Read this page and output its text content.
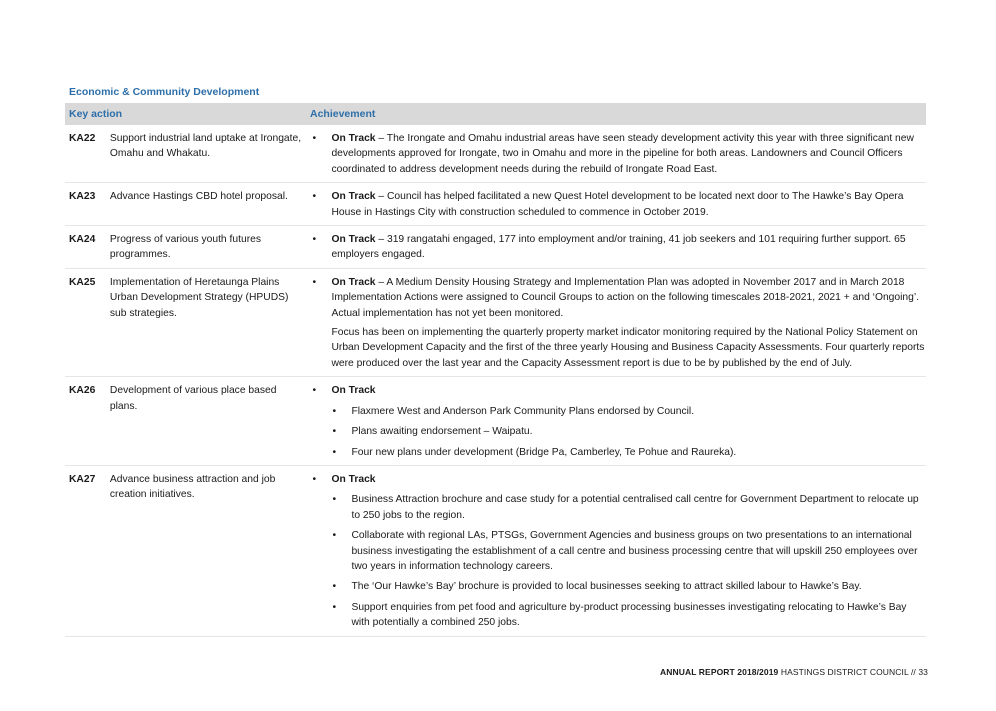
Economic & Community Development
Key action	Achievement
KA22	Support industrial land uptake at Irongate, Omahu and Whakatu.
• On Track – The Irongate and Omahu industrial areas have seen steady development activity this year with three significant new developments approved for Irongate, two in Omahu and more in the pipeline for both areas. Landowners and Council Officers coordinated to address development needs during the rebuild of Irongate Road East.
KA23	Advance Hastings CBD hotel proposal.
•	On Track – Council has helped facilitated a new Quest Hotel development to be located next door to The Hawke’s Bay Opera House in Hastings City with construction scheduled to commence in October 2019.
KA24	Progress of various youth futures programmes.
• On Track – 319 rangatahi engaged, 177 into employment and/or training, 41 job seekers and 101 requiring further support. 65 employers engaged.
KA25	Implementation of Heretaunga Plains Urban Development Strategy (HPUDS) sub strategies.
• On Track – A Medium Density Housing Strategy and Implementation Plan was adopted in November 2017 and in March 2018 Implementation Actions were assigned to Council Groups to action on the following timescales 2018-2021, 2021 + and ‘Ongoing’. Actual implementation has not yet been monitored.
Focus has been on implementing the quarterly property market indicator monitoring required by the National Policy Statement on Urban Development Capacity and the first of the three yearly Housing and Business Capacity Assessments. Four quarterly reports were produced over the last year and the Capacity Assessment report is due to be by published by the end of July.
KA26	Development of various place based plans.
• On Track
• Flaxmere West and Anderson Park Community Plans endorsed by Council.
• Plans awaiting endorsement – Waipatu.
• Four new plans under development (Bridge Pa, Camberley, Te Pohue and Raureka).
KA27	Advance business attraction and job creation initiatives.
• On Track
• Business Attraction brochure and case study for a potential centralised call centre for Government Department to relocate up to 250 jobs to the region.
• Collaborate with regional LAs, PTSGs, Government Agencies and business groups on two presentations to an international business investigating the establishment of a call centre and business processing centre that will upskill 250 employees over two years in information technology careers.
• The ‘Our Hawke’s Bay’ brochure is provided to local businesses seeking to attract skilled labour to Hawke’s Bay.
• Support enquiries from pet food and agriculture by-product processing businesses investigating relocating to Hawke’s Bay with potentially a combined 250 jobs.
ANNUAL REPORT 2018/2019 HASTINGS DISTRICT COUNCIL // 33
